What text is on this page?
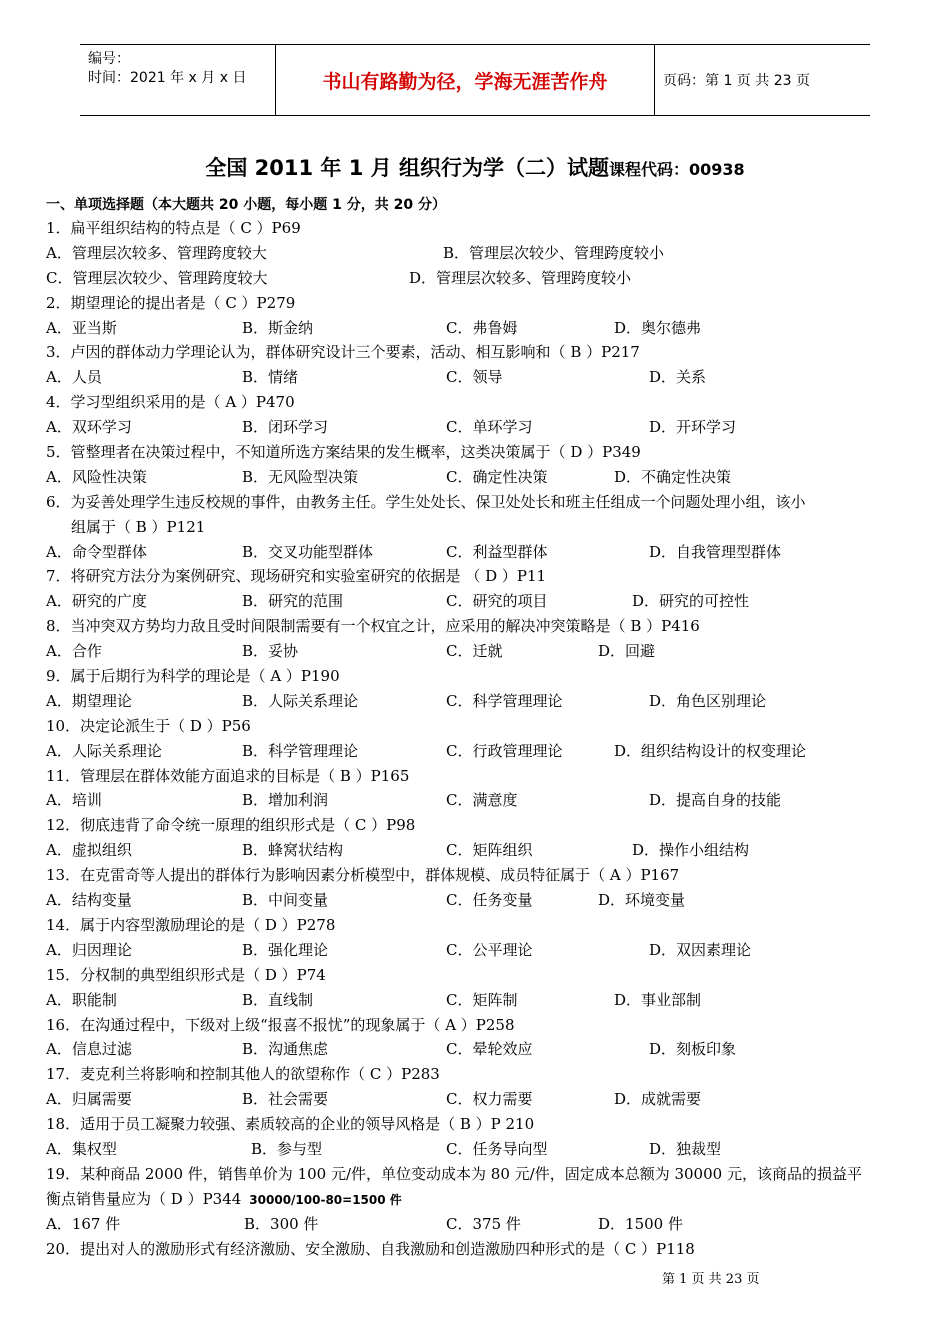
编号：
时间：2021 年 x 月 x 日	书山有路勤为径，学海无涯苦作舟	页码：第 1 页 共 23 页
全国 2011 年 1 月 组织行为学（二）试题课程代码：00938
一、单项选择题（本大题共 20 小题，每小题 1 分，共 20 分）
1．扁平组织结构的特点是（ C ）P69
A．管理层次较多、管理跨度较大	B．管理层次较少、管理跨度较小
C．管理层次较少、管理跨度较大	D．管理层次较多、管理跨度较小
2．期望理论的提出者是（ C ）P279
A．亚当斯	B．斯金纳	C．弗鲁姆	D．奥尔德弗
3．卢因的群体动力学理论认为，群体研究设计三个要素，活动、相互影响和（ B ）P217
A．人员	B．情绪	C．领导	D．关系
4．学习型组织采用的是（ A ）P470
A．双环学习	B．闭环学习	C．单环学习	D．开环学习
5．管整理者在决策过程中，不知道所选方案结果的发生概率，这类决策属于（ D ）P349
A．风险性决策	B．无风险型决策	C．确定性决策	D．不确定性决策
6．为妥善处理学生违反校规的事件，由教务主任。学生处处长、保卫处处长和班主任组成一个问题处理小组，该小
组属于（ B ）P121
A．命令型群体	B．交叉功能型群体	C．利益型群体	D．自我管理型群体
7．将研究方法分为案例研究、现场研究和实验室研究的依据是 （ D ）P11
A．研究的广度	B．研究的范围	C．研究的项目	D．研究的可控性
8．当冲突双方势均力敌且受时间限制需要有一个权宜之计，应采用的解决冲突策略是（ B ）P416
A．合作	B．妥协	C．迁就	D．回避
9．属于后期行为科学的理论是（ A ）P190
A．期望理论	B．人际关系理论	C．科学管理理论	D．角色区别理论
10．决定论派生于（ D ）P56
A．人际关系理论	B．科学管理理论	C．行政管理理论	D．组织结构设计的权变理论
11．管理层在群体效能方面追求的目标是（ B ）P165
A．培训	B．增加利润	C．满意度	D．提高自身的技能
12．彻底违背了命令统一原理的组织形式是（ C ）P98
A．虚拟组织	B．蜂窝状结构	C．矩阵组织	D．操作小组结构
13．在克雷奇等人提出的群体行为影响因素分析模型中，群体规模、成员特征属于（ A ）P167
A．结构变量	B．中间变量	C．任务变量	D．环境变量
14．属于内容型激励理论的是（ D ）P278
A．归因理论	B．强化理论	C．公平理论	D．双因素理论
15．分权制的典型组织形式是（ D ）P74
A．职能制	B．直线制	C．矩阵制	D．事业部制
16．在沟通过程中，下级对上级“报喜不报忧”的现象属于（ A ）P258
A．信息过滤	B．沟通焦虑	C．晕轮效应	D．刻板印象
17．麦克利兰将影响和控制其他人的欲望称作（ C ）P283
A．归属需要	B．社会需要	C．权力需要	D．成就需要
18．适用于员工凝聚力较强、素质较高的企业的领导风格是（ B ）P 210
A．集权型	B．参与型	C．任务导向型	D．独裁型
19．某种商品 2000 件，销售单价为 100 元/件，单位变动成本为 80 元/件，固定成本总额为 30000 元，该商品的损益平
衡点销售量应为（ D ）P344 30000/100-80=1500 件
A．167 件	B．300 件	C．375 件	D．1500 件
20．提出对人的激励形式有经济激励、安全激励、自我激励和创造激励四种形式的是（ C ）P118
第 1 页 共 23 页
